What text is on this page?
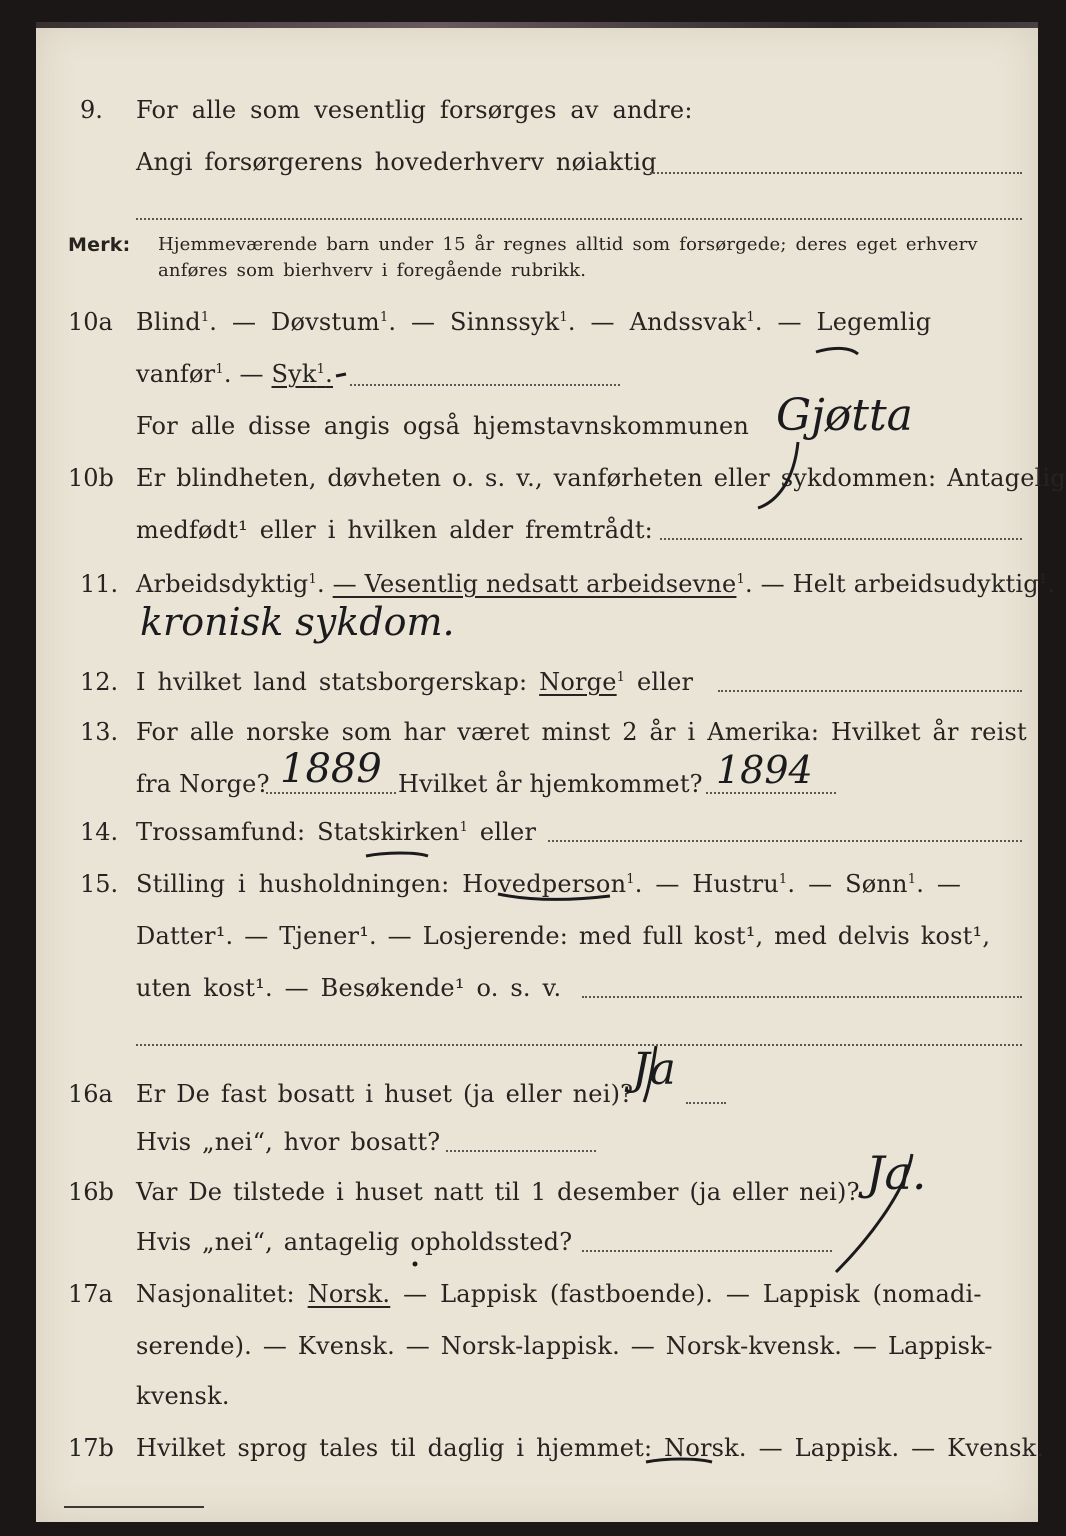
9. For alle som vesentlig forsørges av andre:
Angi forsørgerens hovederhverv nøiaktig
Merk: Hjemmeværende barn under 15 år regnes alltid som forsørgede; deres eget erhverv
anføres som bierhverv i foregående rubrikk.
10a Blind$^1$. — Døvstum$^1$. — Sinnssyk$^1$. — Andssvak$^1$. — Legemlig
vanfør$^1$. — Syk$^1$.
For alle disse angis også hjemstavnskommunen Gjøtta
10b Er blindheten, døvheten o. s. v., vanførheten eller sykdommen: Antagelig
medfødt¹ eller i hvilken alder fremtrådt:
11. Arbeidsdyktig$^1$. — Vesentlig nedsatt arbeidsevne$^1$. — Helt arbeidsudyktig$^1$.
kronisk sykdom.
12. I hvilket land statsborgerskap: Norge$^1$ eller
13. For alle norske som har været minst 2 år i Amerika: Hvilket år reist
fra Norge? 1889 Hvilket år hjemkommet? 1894
14. Trossamfund: Statskirken$^1$ eller
15. Stilling i husholdningen: Hovedperson$^1$. — Hustru$^1$. — Sønn$^1$. —
Datter¹. — Tjener¹. — Losjerende: med full kost¹, med delvis kost¹,
uten kost¹. — Besøkende¹ o. s. v.
16a Er De fast bosatt i huset (ja eller nei)?
Ja
Hvis „nei“, hvor bosatt?
16b Var De tilstede i huset natt til 1 desember (ja eller nei)? Ja.
Hvis „nei“, antagelig opholdssted?
17a Nasjonalitet: Norsk. — Lappisk (fastboende). — Lappisk (nomadi-
serende). — Kvensk. — Norsk-lappisk. — Norsk-kvensk. — Lappisk-
kvensk.
17b Hvilket sprog tales til daglig i hjemmet: Norsk. — Lappisk. — Kvensk.
